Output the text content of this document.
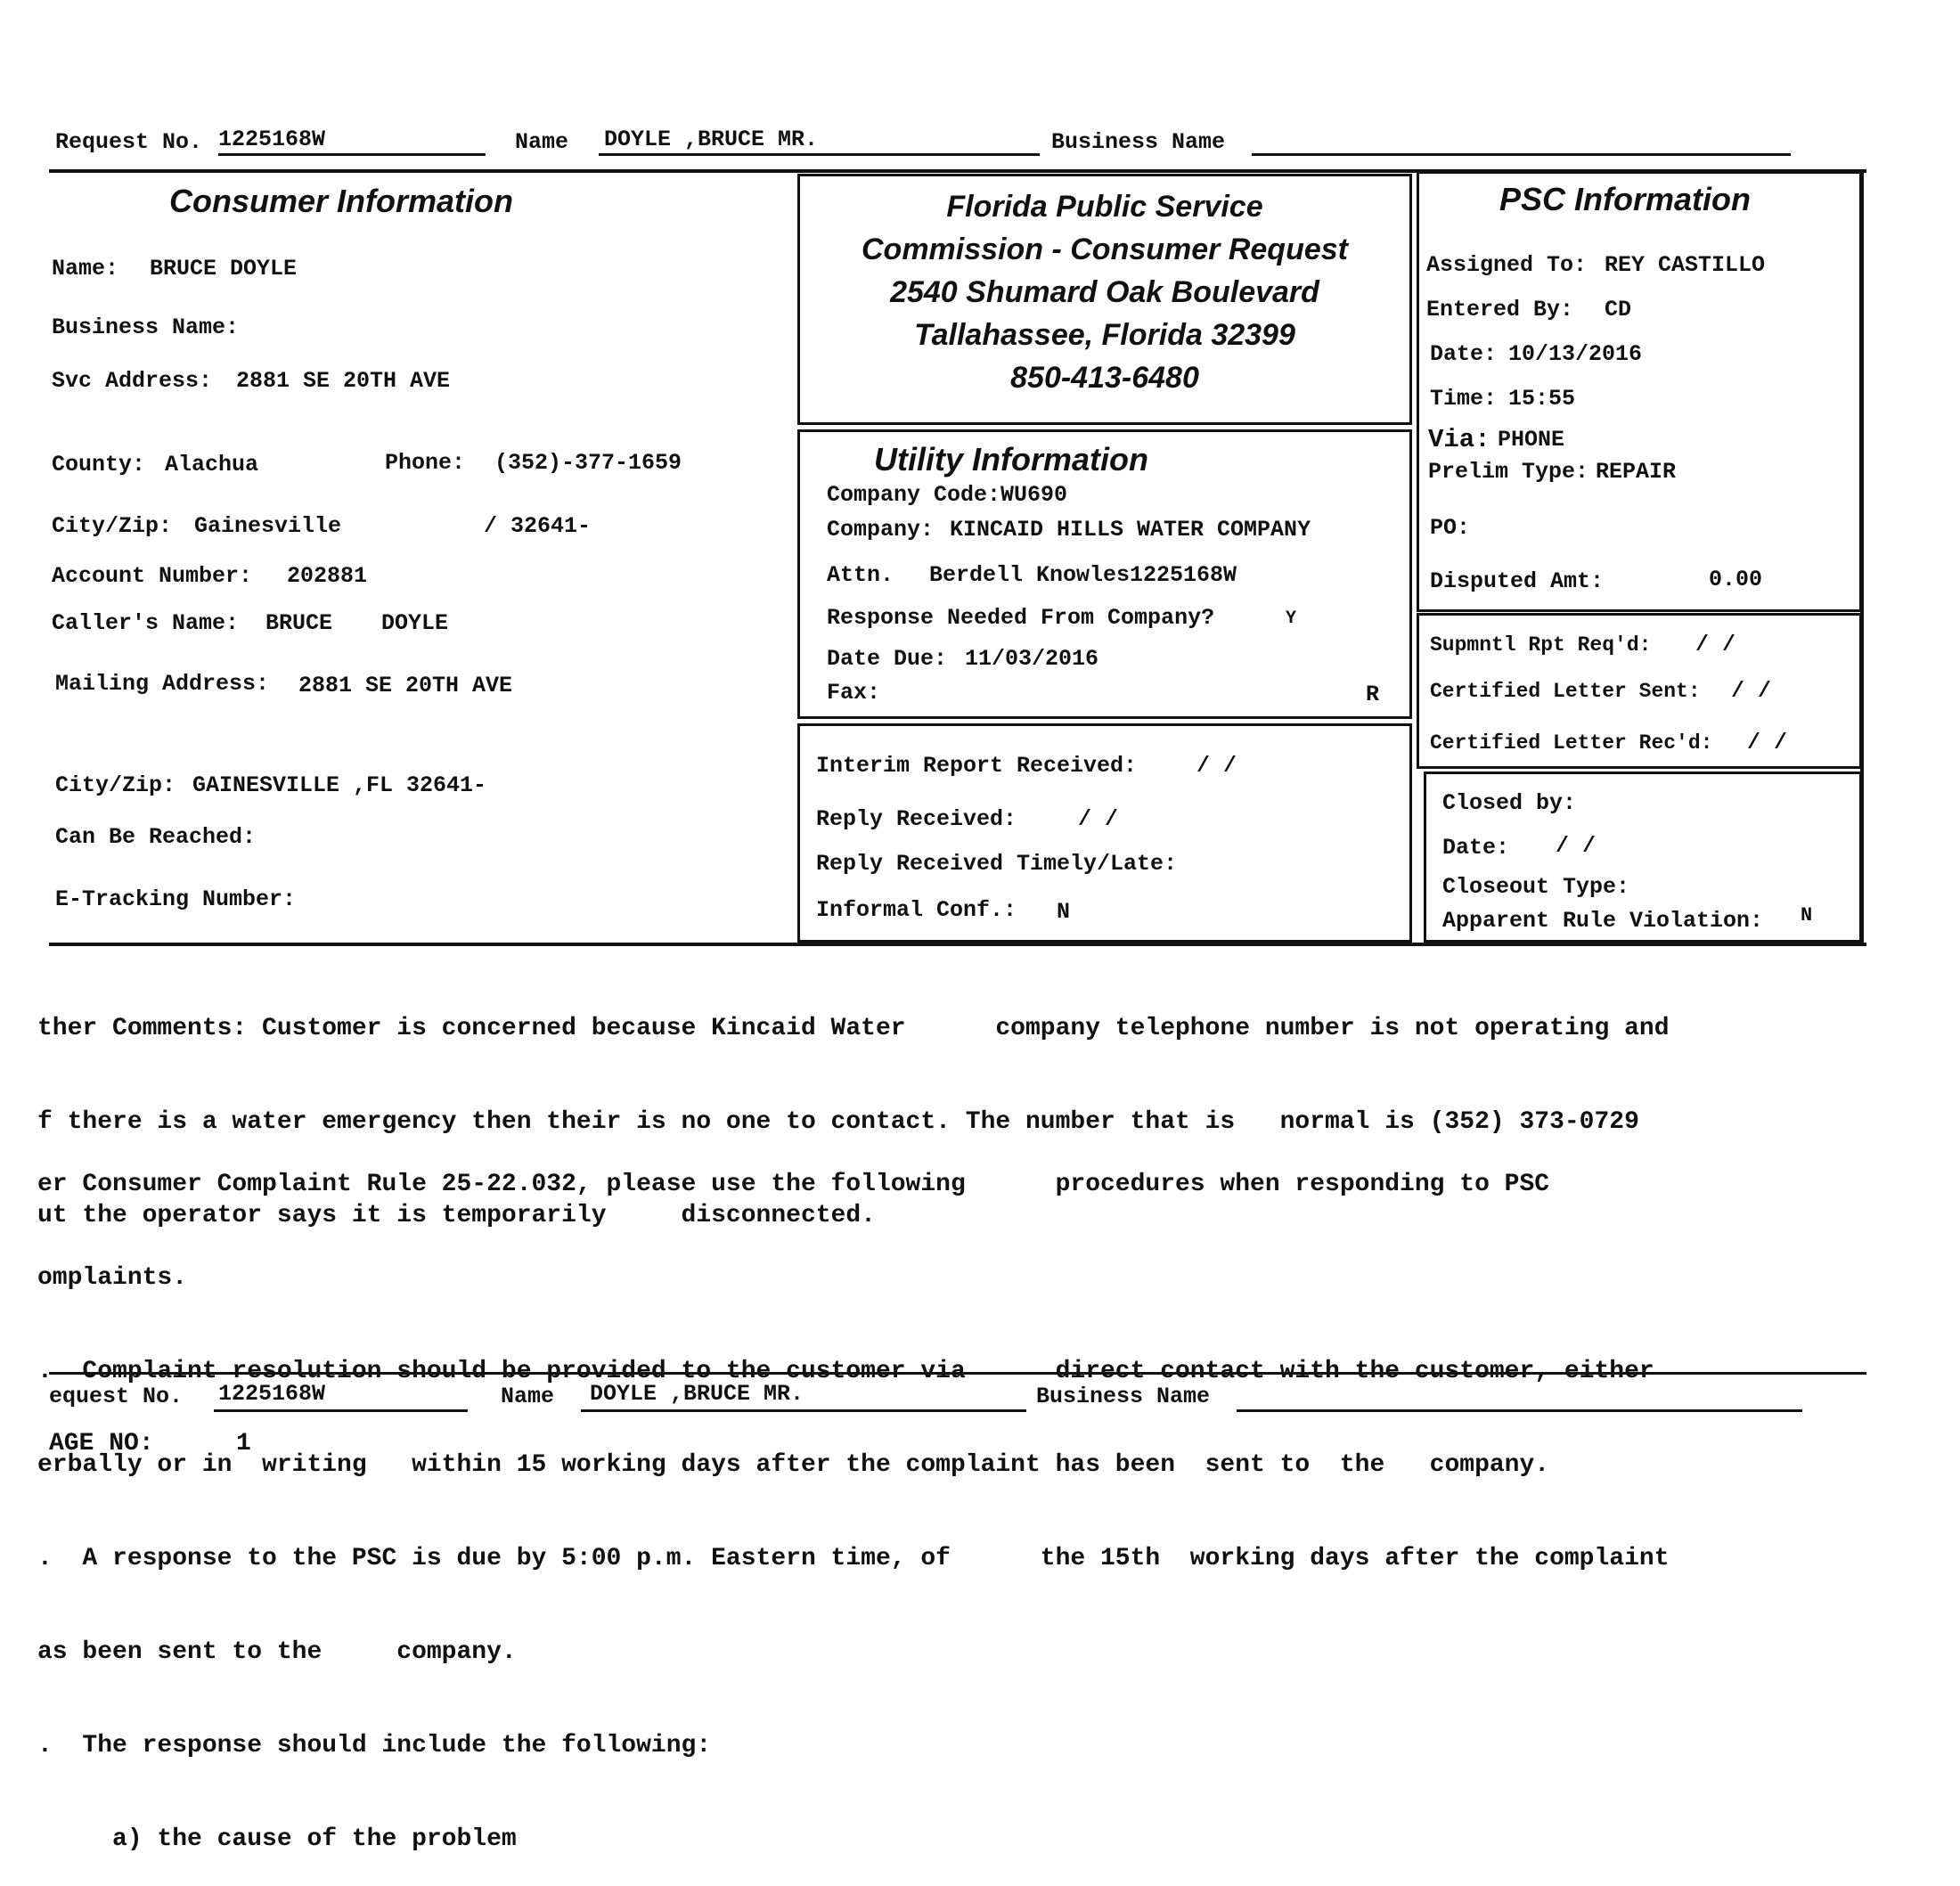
Request No. 1225168W	Name DOYLE ,BRUCE MR.	Business Name
Consumer Information
Name: BRUCE DOYLE
Business Name:
Svc Address: 2881 SE 20TH AVE
County: Alachua	Phone: (352)-377-1659
City/Zip: Gainesville	/ 32641-
Account Number: 202881
Caller's Name: BRUCE DOYLE
Mailing Address: 2881 SE 20TH AVE
City/Zip: GAINESVILLE ,FL 32641-
Can Be Reached:
E-Tracking Number:
Florida Public Service
Commission - Consumer Request
2540 Shumard Oak Boulevard
Tallahassee, Florida 32399
850-413-6480
Utility Information
Company Code: WU690
Company: KINCAID HILLS WATER COMPANY
Attn. Berdell Knowles1225168W
Response Needed From Company?	Y
Date Due: 11/03/2016
Fax:	R
Interim Report Received:	/ /
Reply Received:	/ /
Reply Received Timely/Late:
Informal Conf.: N
PSC Information
Assigned To: REY CASTILLO
Entered By: CD
Date: 10/13/2016
Time: 15:55
Via: PHONE
Prelim Type: REPAIR
PO:
Disputed Amt:	0.00
Supmntl Rpt Req'd: / /
Certified Letter Sent: / /
Certified Letter Rec'd: / /
Closed by:
Date: / /
Closeout Type:
Apparent Rule Violation: N

ther Comments: Customer is concerned because Kincaid Water      company telephone number is not operating and

f there is a water emergency then their is no one to contact. The number that is   normal is (352) 373-0729

ut the operator says it is temporarily     disconnected.

er Consumer Complaint Rule 25-22.032, please use the following      procedures when responding to PSC

omplaints.

.  Complaint resolution should be provided to the customer via      direct contact with the customer, either

erbally or in  writing   within 15 working days after the complaint has been  sent to  the   company.

.  A response to the PSC is due by 5:00 p.m. Eastern time, of      the 15th  working days after the complaint

as been sent to the     company.

.  The response should include the following:

a) the cause of the problem

equest No. 1225168W	Name DOYLE ,BRUCE MR.	Business Name
AGE NO:	1
